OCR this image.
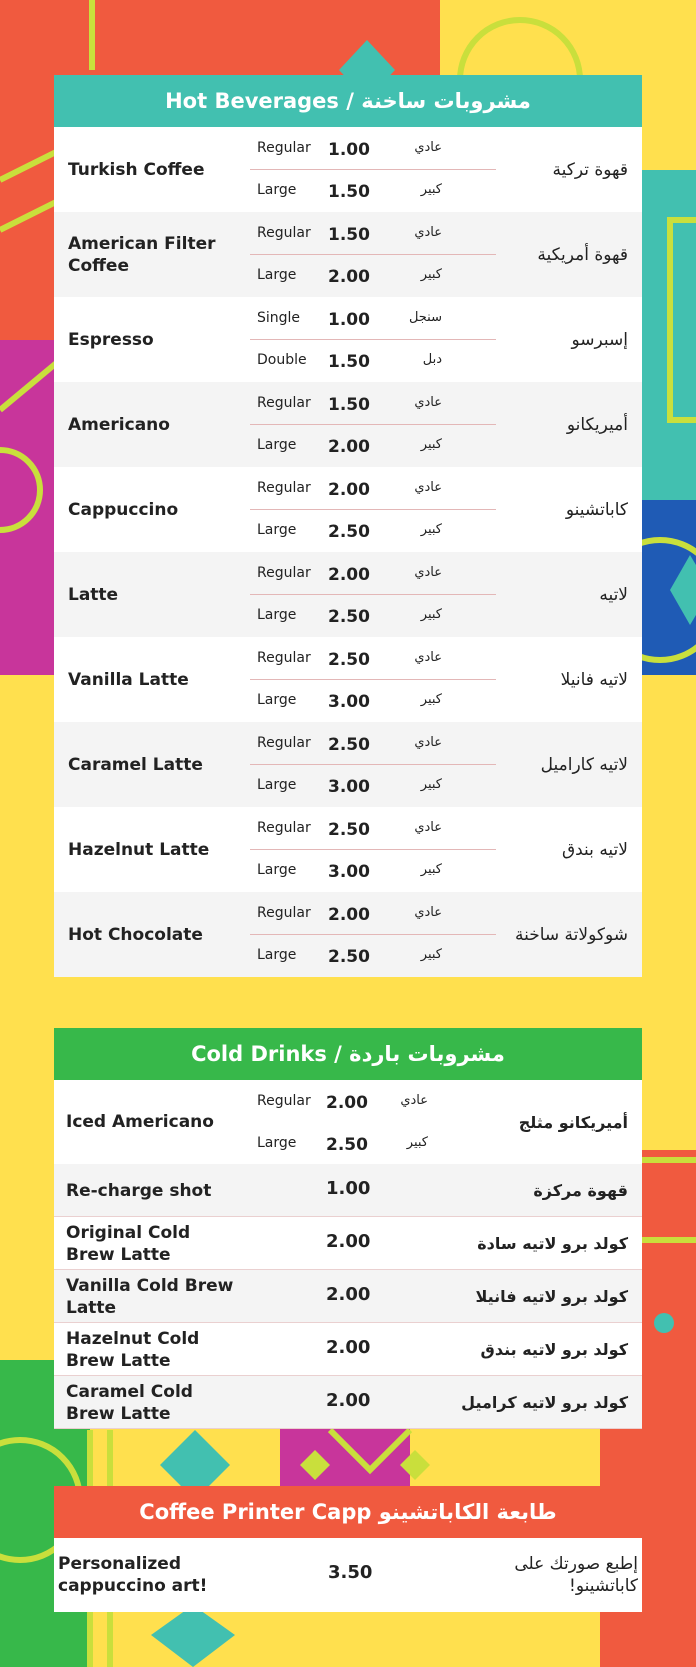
Hot Beverages / مشروبات ساخنة
Turkish Coffee
Regular 1.00	عادي
Large 1.50	كبير
قهوة تركية
American Filter Coffee
Regular 1.50	عادي
Large 2.00	كبير
قهوة أمريكية
Espresso
Single 1.00	سنجل
Double 1.50	دبل
إسبرسو
Americano
Regular 1.50	عادي
Large 2.00	كبير
أميريكانو
Cappuccino
Regular 2.00	عادي
Large 2.50	كبير
كاباتشينو
Latte
Regular 2.00	عادي
Large 2.50	كبير
لاتيه
Vanilla Latte
Regular 2.50	عادي
Large 3.00	كبير
لاتيه فانيلا
Caramel Latte
Regular 2.50	عادي
Large 3.00	كبير
لاتيه كاراميل
Hazelnut Latte
Regular 2.50	عادي
Large 3.00	كبير
لاتيه بندق
Hot Chocolate
Regular 2.00	عادي
Large 2.50	كبير
شوكولاتة ساخنة
Cold Drinks / مشروبات باردة
Iced Americano
Regular 2.00 عادي
Large 2.50	كبير
أميريكانو مثلج
Re-charge shot	1.00	قهوة مركزة
Original Cold Brew Latte
2.00	كولد برو لاتيه سادة
Vanilla Cold Brew Latte
2.00	كولد برو لاتيه فانيلا
Hazelnut Cold Brew Latte
2.00	كولد برو لاتيه بندق
Caramel Cold Brew Latte
2.00	كولد برو لاتيه كراميل
Coffee Printer Capp طابعة الكاباتشينو
Personalized cappuccino art!
3.50	إطبع صورتك على كاباتشينو!
